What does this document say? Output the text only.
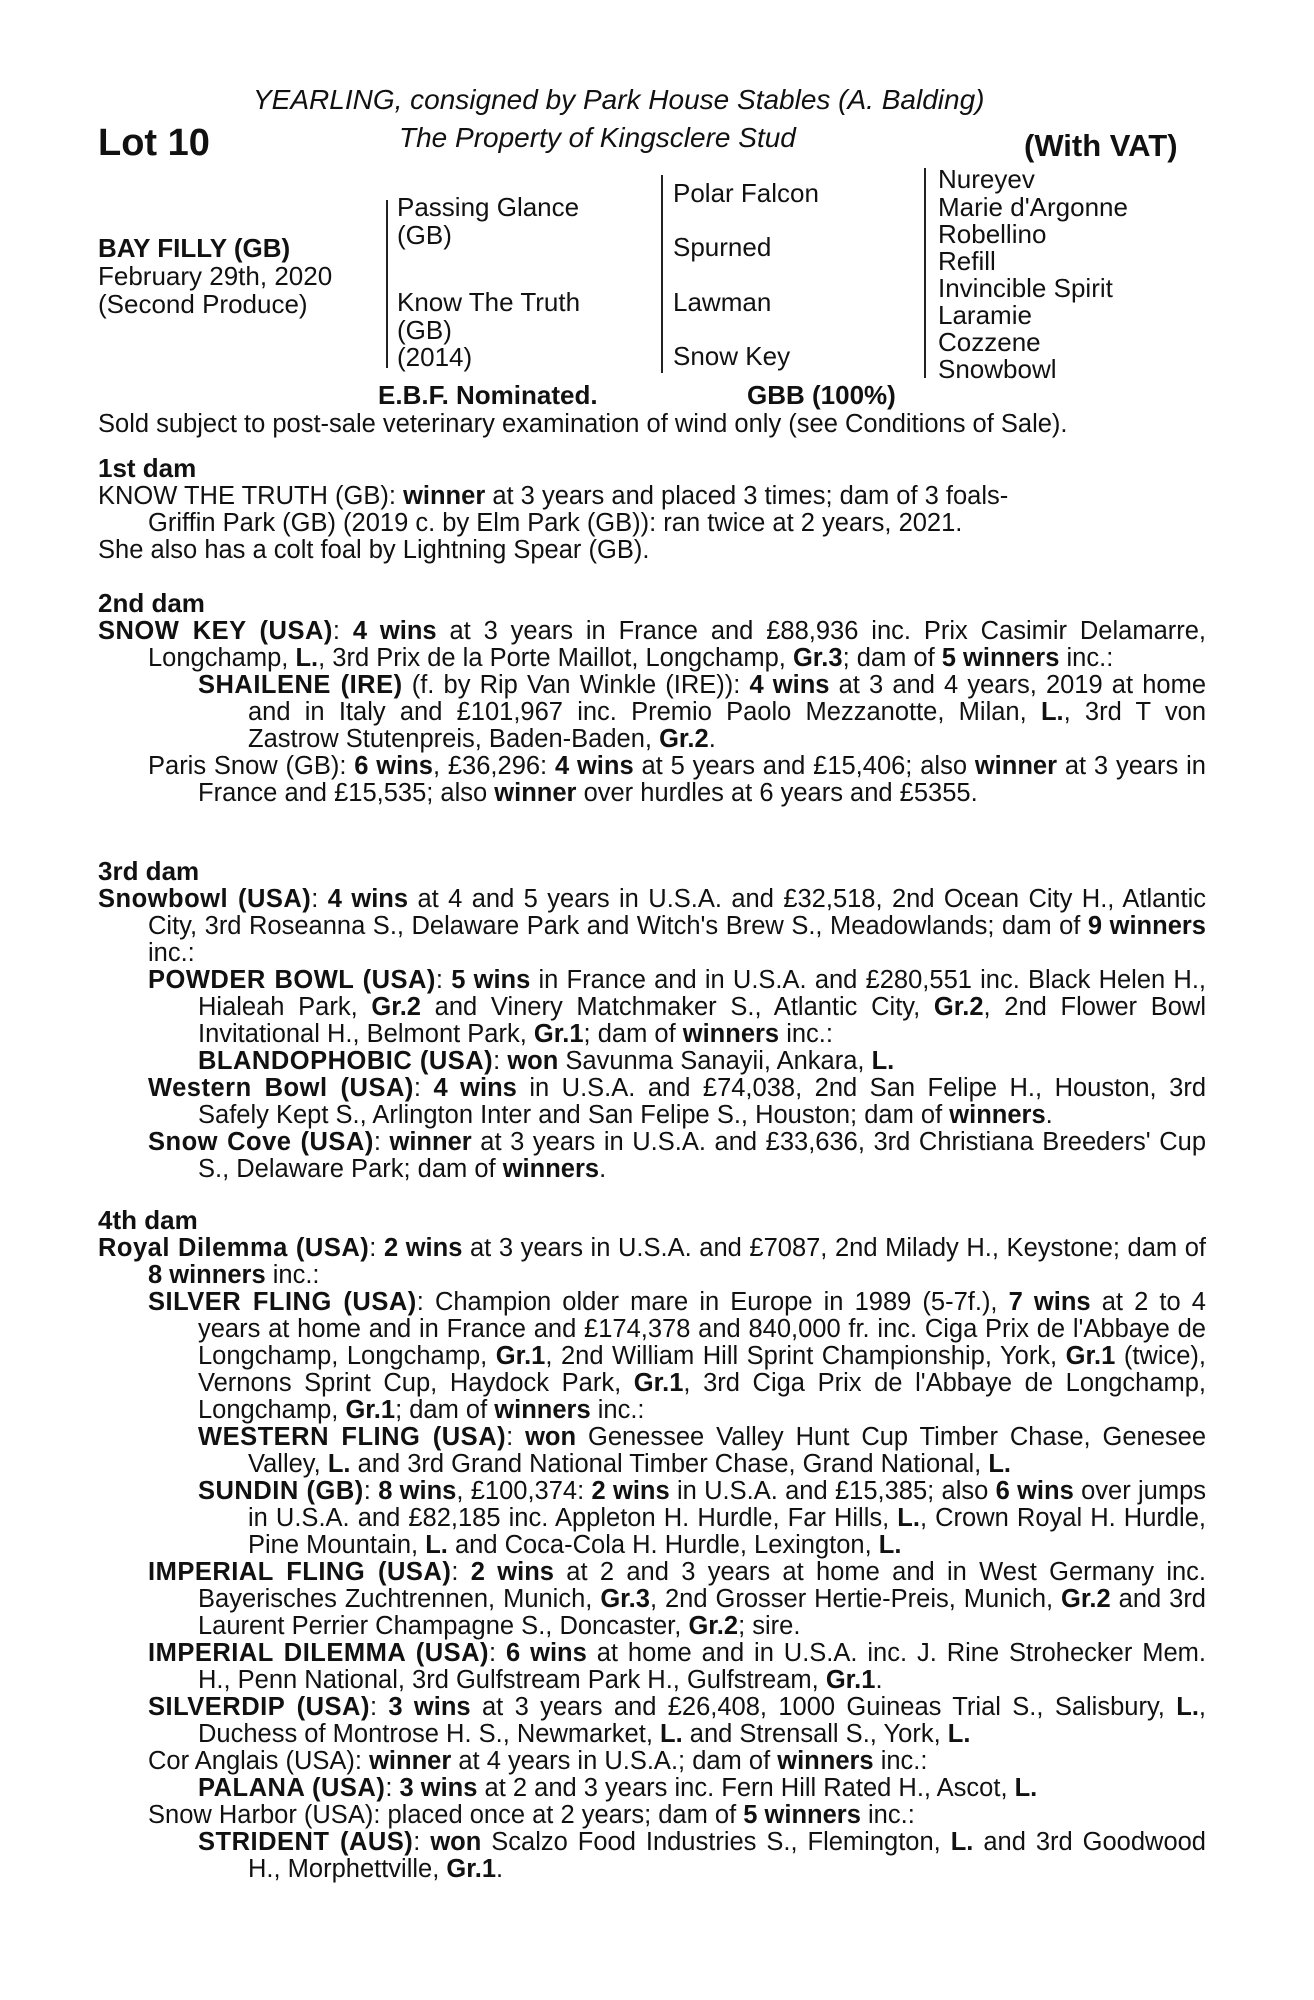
YEARLING, consigned by Park House Stables (A. Balding)
The Property of Kingsclere Stud
Lot 10	(With VAT)
BAY FILLY (GB)
February 29th, 2020
(Second Produce)
Passing Glance
(GB)
Know The Truth
(GB)
(2014)
Polar Falcon
Spurned
Lawman
Snow Key
Nureyev
Marie d'Argonne
Robellino
Refill
Invincible Spirit
Laramie
Cozzene
Snowbowl
E.B.F. Nominated.	GBB (100%)
Sold subject to post-sale veterinary examination of wind only (see Conditions of Sale).
1st dam

KNOW THE TRUTH (GB): winner at 3 years and placed 3 times; dam of 3 foals-

Griffin Park (GB) (2019 c. by Elm Park (GB)): ran twice at 2 years, 2021.

She also has a colt foal by Lightning Spear (GB).

2nd dam

SNOW KEY (USA): 4 wins at 3 years in France and £88,936 inc. Prix Casimir Delamarre, Longchamp, L., 3rd Prix de la Porte Maillot, Longchamp, Gr.3; dam of 5 winners inc.:

SHAILENE (IRE) (f. by Rip Van Winkle (IRE)): 4 wins at 3 and 4 years, 2019 at home and in Italy and £101,967 inc. Premio Paolo Mezzanotte, Milan, L., 3rd T von Zastrow Stutenpreis, Baden-Baden, Gr.2.

Paris Snow (GB): 6 wins, £36,296: 4 wins at 5 years and £15,406; also winner at 3 years in France and £15,535; also winner over hurdles at 6 years and £5355.

3rd dam

Snowbowl (USA): 4 wins at 4 and 5 years in U.S.A. and £32,518, 2nd Ocean City H., Atlantic City, 3rd Roseanna S., Delaware Park and Witch's Brew S., Meadowlands; dam of 9 winners inc.:

POWDER BOWL (USA): 5 wins in France and in U.S.A. and £280,551 inc. Black Helen H., Hialeah Park, Gr.2 and Vinery Matchmaker S., Atlantic City, Gr.2, 2nd Flower Bowl Invitational H., Belmont Park, Gr.1; dam of winners inc.:

BLANDOPHOBIC (USA): won Savunma Sanayii, Ankara, L.

Western Bowl (USA): 4 wins in U.S.A. and £74,038, 2nd San Felipe H., Houston, 3rd Safely Kept S., Arlington Inter and San Felipe S., Houston; dam of winners.

Snow Cove (USA): winner at 3 years in U.S.A. and £33,636, 3rd Christiana Breeders' Cup S., Delaware Park; dam of winners.

4th dam

Royal Dilemma (USA): 2 wins at 3 years in U.S.A. and £7087, 2nd Milady H., Keystone; dam of 8 winners inc.:

SILVER FLING (USA): Champion older mare in Europe in 1989 (5-7f.), 7 wins at 2 to 4 years at home and in France and £174,378 and 840,000 fr. inc. Ciga Prix de l'Abbaye de Longchamp, Longchamp, Gr.1, 2nd William Hill Sprint Championship, York, Gr.1 (twice), Vernons Sprint Cup, Haydock Park, Gr.1, 3rd Ciga Prix de l'Abbaye de Longchamp, Longchamp, Gr.1; dam of winners inc.:

WESTERN FLING (USA): won Genessee Valley Hunt Cup Timber Chase, Genesee Valley, L. and 3rd Grand National Timber Chase, Grand National, L.

SUNDIN (GB): 8 wins, £100,374: 2 wins in U.S.A. and £15,385; also 6 wins over jumps in U.S.A. and £82,185 inc. Appleton H. Hurdle, Far Hills, L., Crown Royal H. Hurdle, Pine Mountain, L. and Coca-Cola H. Hurdle, Lexington, L.

IMPERIAL FLING (USA): 2 wins at 2 and 3 years at home and in West Germany inc. Bayerisches Zuchtrennen, Munich, Gr.3, 2nd Grosser Hertie-Preis, Munich, Gr.2 and 3rd Laurent Perrier Champagne S., Doncaster, Gr.2; sire.

IMPERIAL DILEMMA (USA): 6 wins at home and in U.S.A. inc. J. Rine Strohecker Mem. H., Penn National, 3rd Gulfstream Park H., Gulfstream, Gr.1.

SILVERDIP (USA): 3 wins at 3 years and £26,408, 1000 Guineas Trial S., Salisbury, L., Duchess of Montrose H. S., Newmarket, L. and Strensall S., York, L.

Cor Anglais (USA): winner at 4 years in U.S.A.; dam of winners inc.:

PALANA (USA): 3 wins at 2 and 3 years inc. Fern Hill Rated H., Ascot, L.

Snow Harbor (USA): placed once at 2 years; dam of 5 winners inc.:

STRIDENT (AUS): won Scalzo Food Industries S., Flemington, L. and 3rd Goodwood H., Morphettville, Gr.1.
